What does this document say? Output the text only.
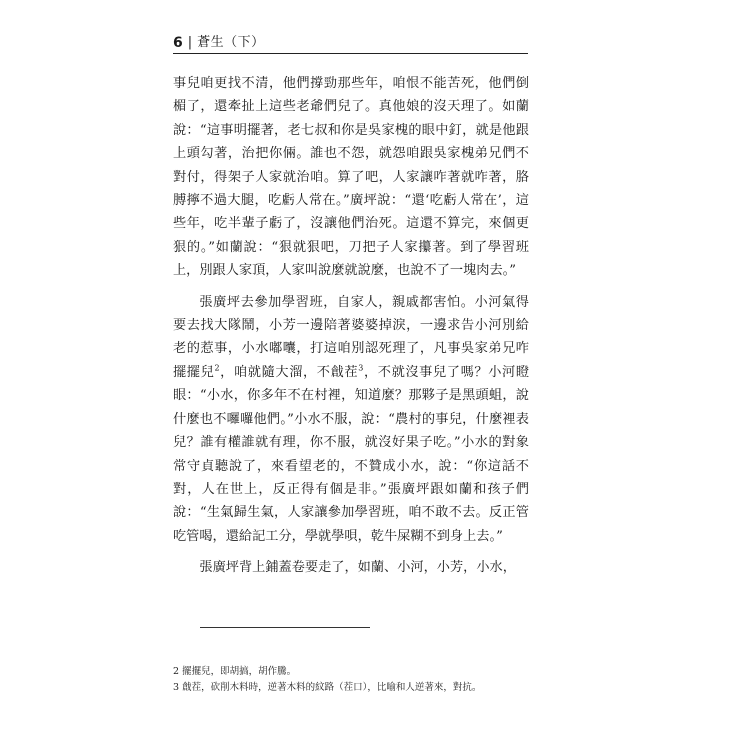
6 | 蒼生（下）

事兒咱更找不清，他們撐勁那些年，咱恨不能苦死，他們倒楣了，還牽扯上這些老爺們兒了。真他娘的沒天理了。如蘭說：“這事明擺著，老七叔和你是吳家槐的眼中釘，就是他跟上頭勾著，治把你倆。誰也不怨，就怨咱跟吳家槐弟兄們不對付，得架子人家就治咱。算了吧，人家讓咋著就咋著，胳膊擰不過大腿，吃虧人常在。”廣坪說：“還‘吃虧人常在’，這些年，吃半輩子虧了，沒讓他們治死。這還不算完，來個更狠的。”如蘭說：“狠就狠吧，刀把子人家攥著。到了學習班上，別跟人家頂，人家叫說麼就說麼，也說不了一塊肉去。”

張廣坪去參加學習班，自家人，親戚都害怕。小河氣得要去找大隊鬧，小芳一邊陪著婆婆掉淚，一邊求告小河別給老的惹事，小水嘟囔，打這咱別認死理了，凡事吳家弟兄咋擺擺兒$^2$，咱就隨大溜，不戧茬$^3$，不就沒事兒了嗎？小河瞪眼：“小水，你多年不在村裡，知道麼？那夥子是黑頭蛆，說什麼也不囉囉他們。”小水不服，說：“農村的事兒，什麼裡表兒？誰有權誰就有理，你不服，就沒好果子吃。”小水的對象常守貞聽說了，來看望老的，不贊成小水，說：“你這話不對，人在世上，反正得有個是非。”張廣坪跟如蘭和孩子們說：“生氣歸生氣，人家讓參加學習班，咱不敢不去。反正管吃管喝，還給記工分，學就學唄，乾牛屎糊不到身上去。”

張廣坪背上鋪蓋卷要走了，如蘭、小河，小芳，小水，

2 擺擺兒，即胡搞，胡作騰。

3 戧茬，砍削木料時，逆著木料的紋路（茬口），比喻和人逆著來，對抗。
